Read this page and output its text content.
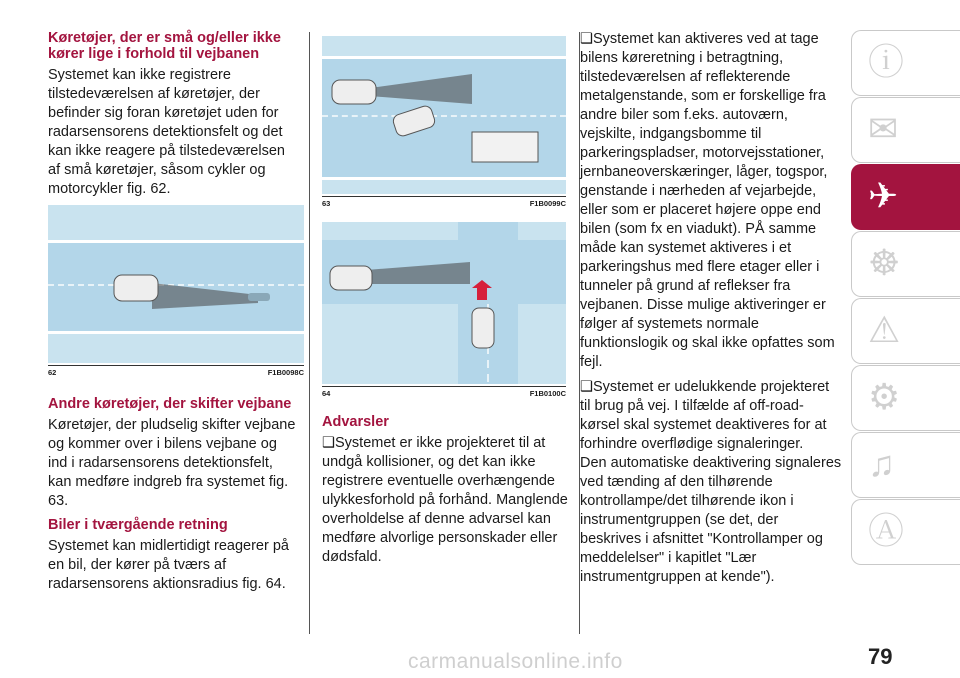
Køretøjer, der er små og/eller ikke kører lige i forhold til vejbanen

Systemet kan ikke registrere tilstedeværelsen af køretøjer, der befinder sig foran køretøjet uden for radarsensorens detektionsfelt og det kan ikke reagere på tilstedeværelsen af små køretøjer, såsom cykler og motorcykler fig. 62.

62	F1B0098C
Andre køretøjer, der skifter vejbane

Køretøjer, der pludselig skifter vejbane og kommer over i bilens vejbane og ind i radarsensorens detektionsfelt, kan medføre indgreb fra systemet fig. 63.

Biler i tværgående retning

Systemet kan midlertidigt reagerer på en bil, der kører på tværs af radarsensorens aktionsradius fig. 64.

63	F1B0099C
64	F1B0100C
Advarsler

❑ Systemet er ikke projekteret til at undgå kollisioner, og det kan ikke registrere eventuelle overhængende ulykkesforhold på forhånd. Manglende overholdelse af denne advarsel kan medføre alvorlige personskader eller dødsfald.

❑ Systemet kan aktiveres ved at tage bilens køreretning i betragtning, tilstedeværelsen af reflekterende metalgenstande, som er forskellige fra andre biler som f.eks. autoværn, vejskilte, indgangsbomme til parkeringspladser, motorvejsstationer, jernbaneoverskæringer, låger, togspor, genstande i nærheden af vejarbejde, eller som er placeret højere oppe end bilen (som fx en viadukt). PÅ samme måde kan systemet aktiveres i et parkeringshus med flere etager eller i tunneler på grund af reflekser fra vejbanen. Disse mulige aktiveringer er følger af systemets normale funktionslogik og skal ikke opfattes som fejl.

❑ Systemet er udelukkende projekteret til brug på vej. I tilfælde af off-road-kørsel skal systemet deaktiveres for at forhindre overflødige signaleringer.

Den automatiske deaktivering signaleres ved tænding af den tilhørende kontrollampe/det tilhørende ikon i instrumentgruppen (se det, der beskrives i afsnittet "Kontrollamper og meddelelser" i kapitlet "Lær instrumentgruppen at kende").

ⓘ
✉
✈
☸
⚠
⚙
♫
Ⓐ
79
carmanualsonline.info
